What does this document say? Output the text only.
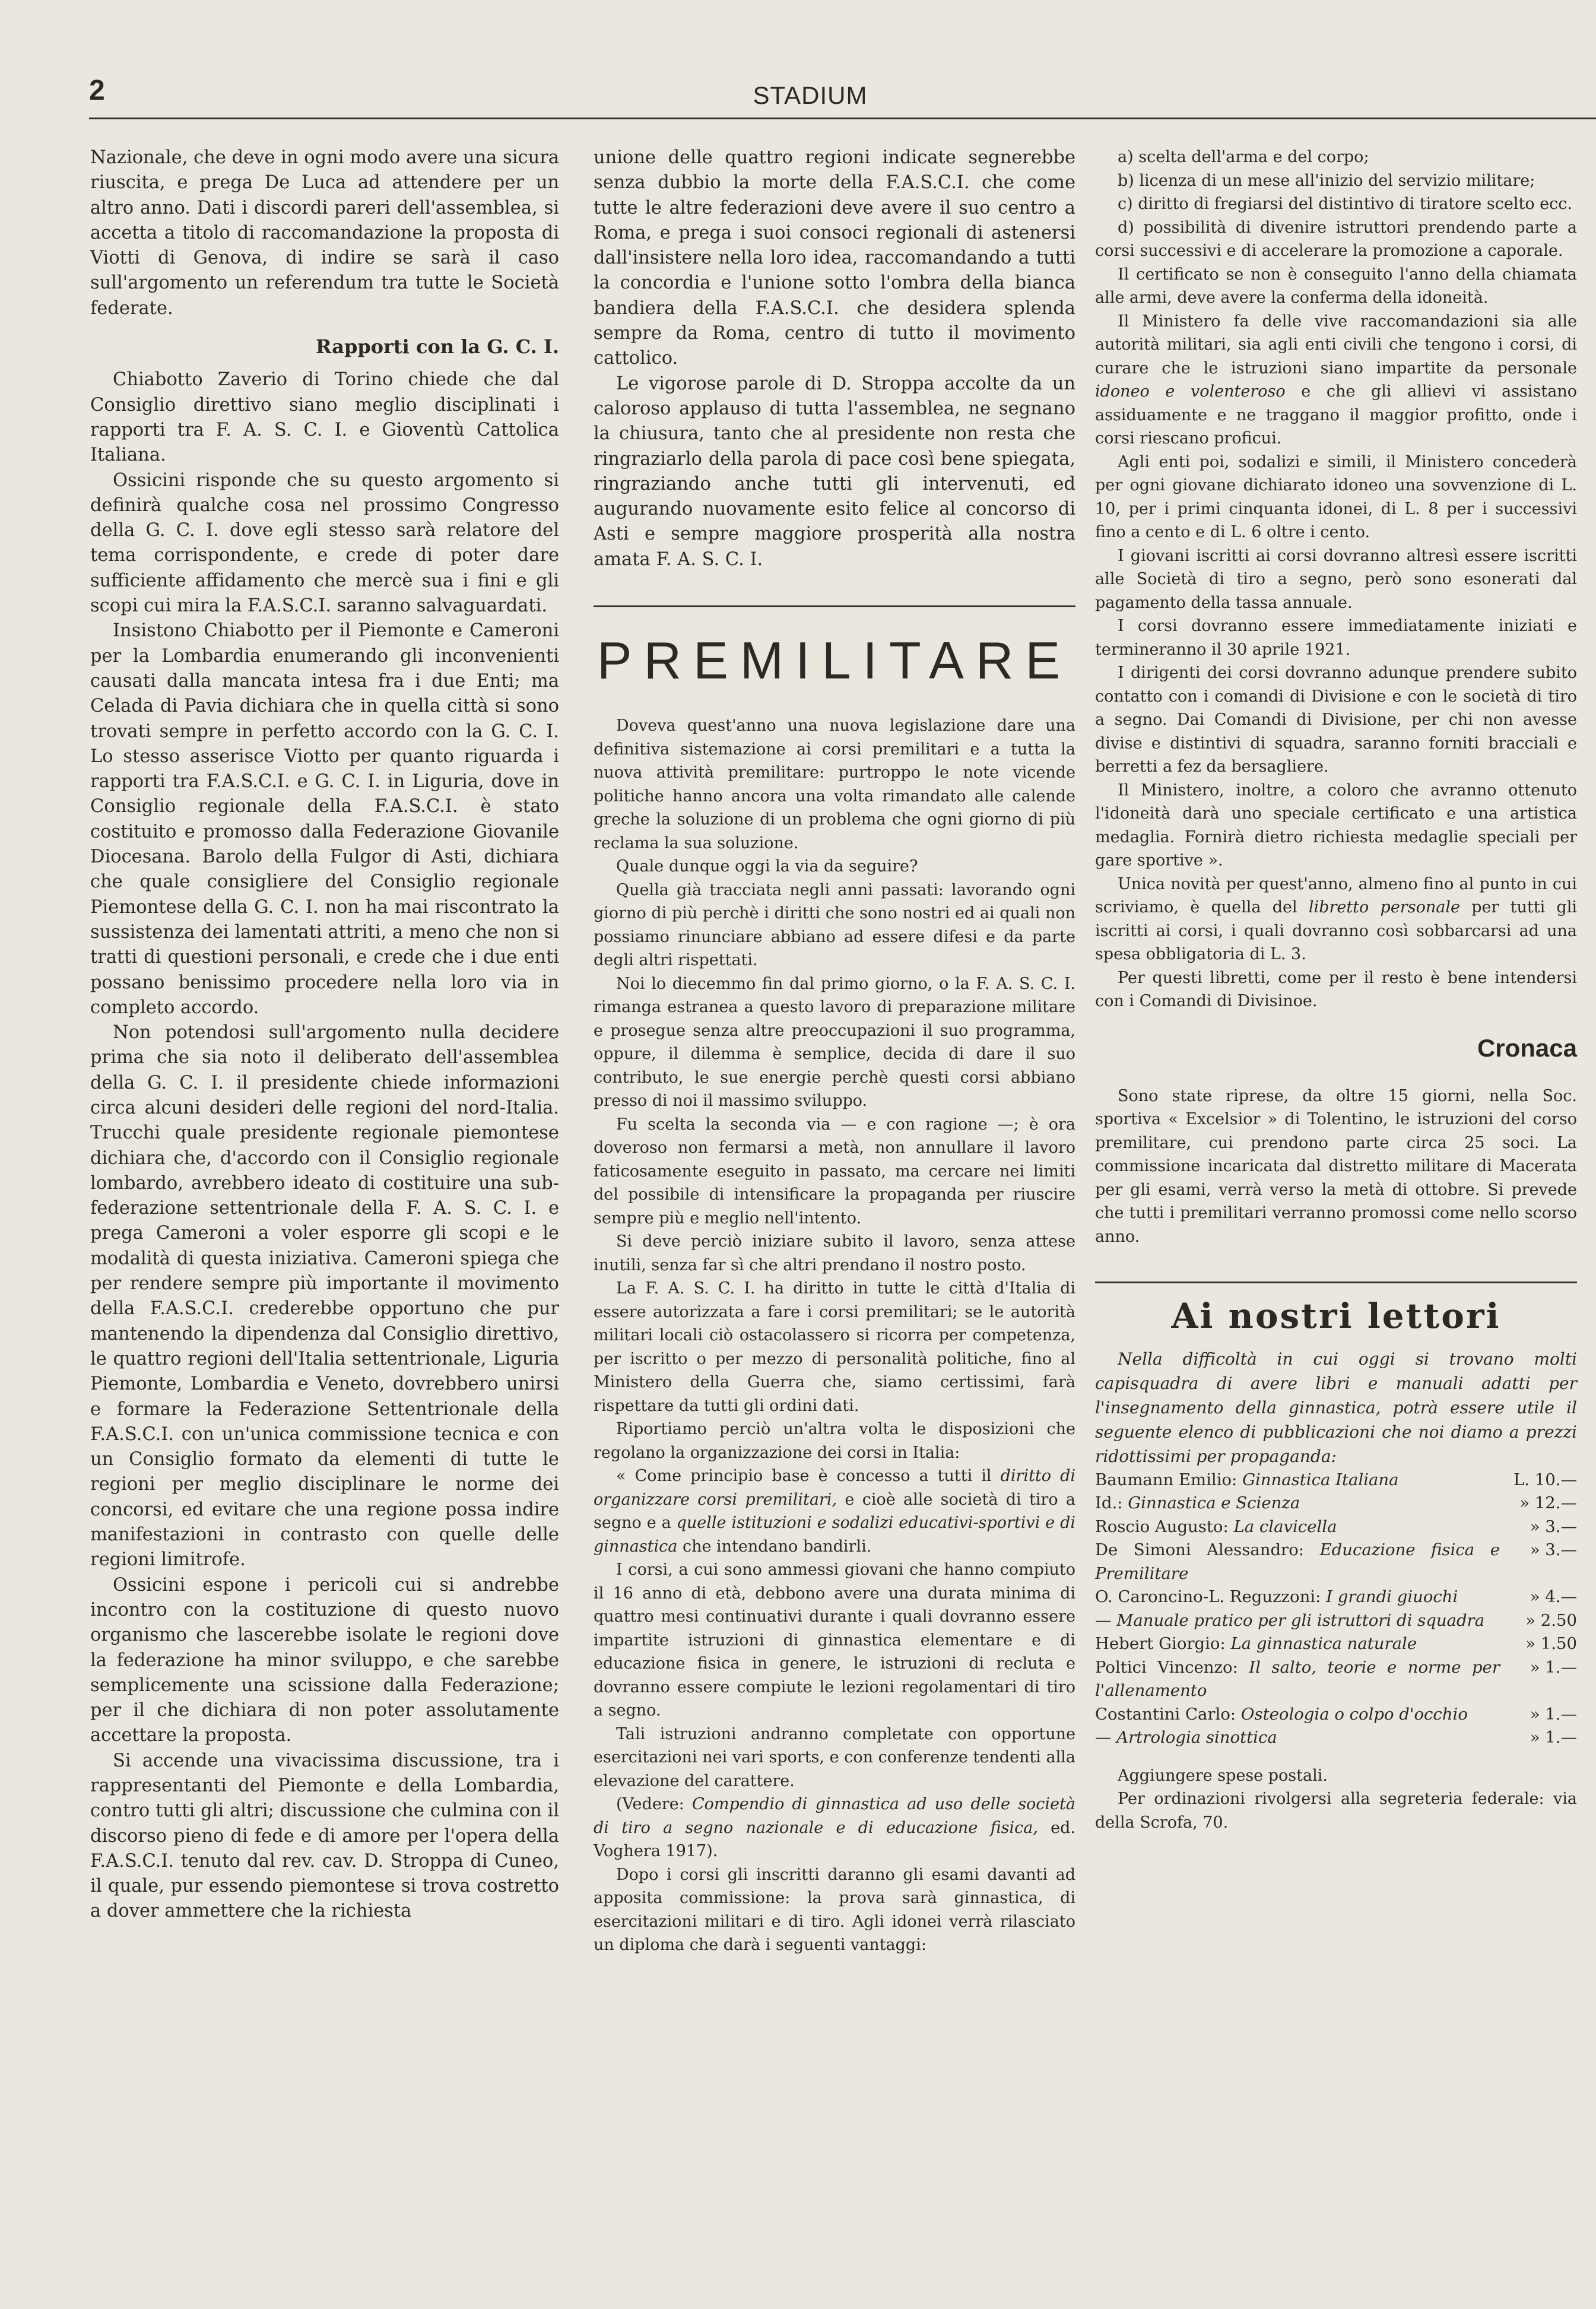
2	STADIUM

Nazionale, che deve in ogni modo avere una sicura riuscita, e prega De Luca ad attendere per un altro anno. Dati i discordi pareri dell'assemblea, si accetta a titolo di raccomandazione la proposta di Viotti di Genova, di indire se sarà il caso sull'argomento un referendum tra tutte le Società federate.

Rapporti con la G. C. I.

Chiabotto Zaverio di Torino chiede che dal Consiglio direttivo siano meglio disciplinati i rapporti tra F. A. S. C. I. e Gioventù Cattolica Italiana.

Ossicini risponde che su questo argomento si definirà qualche cosa nel prossimo Congresso della G. C. I. dove egli stesso sarà relatore del tema corrispondente, e crede di poter dare sufficiente affidamento che mercè sua i fini e gli scopi cui mira la F.A.S.C.I. saranno salvaguardati.

Insistono Chiabotto per il Piemonte e Cameroni per la Lombardia enumerando gli inconvenienti causati dalla mancata intesa fra i due Enti; ma Celada di Pavia dichiara che in quella città si sono trovati sempre in perfetto accordo con la G. C. I. Lo stesso asserisce Viotto per quanto riguarda i rapporti tra F.A.S.C.I. e G. C. I. in Liguria, dove in Consiglio regionale della F.A.S.C.I. è stato costituito e promosso dalla Federazione Giovanile Diocesana. Barolo della Fulgor di Asti, dichiara che quale consigliere del Consiglio regionale Piemontese della G. C. I. non ha mai riscontrato la sussistenza dei lamentati attriti, a meno che non si tratti di questioni personali, e crede che i due enti possano benissimo procedere nella loro via in completo accordo.

Non potendosi sull'argomento nulla decidere prima che sia noto il deliberato dell'assemblea della G. C. I. il presidente chiede informazioni circa alcuni desideri delle regioni del nord-Italia. Trucchi quale presidente regionale piemontese dichiara che, d'accordo con il Consiglio regionale lombardo, avrebbero ideato di costituire una sub-federazione settentrionale della F. A. S. C. I. e prega Cameroni a voler esporre gli scopi e le modalità di questa iniziativa. Cameroni spiega che per rendere sempre più importante il movimento della F.A.S.C.I. crederebbe opportuno che pur mantenendo la dipendenza dal Consiglio direttivo, le quattro regioni dell'Italia settentrionale, Liguria Piemonte, Lombardia e Veneto, dovrebbero unirsi e formare la Federazione Settentrionale della F.A.S.C.I. con un'unica commissione tecnica e con un Consiglio formato da elementi di tutte le regioni per meglio disciplinare le norme dei concorsi, ed evitare che una regione possa indire manifestazioni in contrasto con quelle delle regioni limitrofe.

Ossicini espone i pericoli cui si andrebbe incontro con la costituzione di questo nuovo organismo che lascerebbe isolate le regioni dove la federazione ha minor sviluppo, e che sarebbe semplicemente una scissione dalla Federazione; per il che dichiara di non poter assolutamente accettare la proposta.

Si accende una vivacissima discussione, tra i rappresentanti del Piemonte e della Lombardia, contro tutti gli altri; discussione che culmina con il discorso pieno di fede e di amore per l'opera della F.A.S.C.I. tenuto dal rev. cav. D. Stroppa di Cuneo, il quale, pur essendo piemontese si trova costretto a dover ammettere che la richiesta

unione delle quattro regioni indicate segnerebbe senza dubbio la morte della F.A.S.C.I. che come tutte le altre federazioni deve avere il suo centro a Roma, e prega i suoi consoci regionali di astenersi dall'insistere nella loro idea, raccomandando a tutti la concordia e l'unione sotto l'ombra della bianca bandiera della F.A.S.C.I. che desidera splenda sempre da Roma, centro di tutto il movimento cattolico.

Le vigorose parole di D. Stroppa accolte da un caloroso applauso di tutta l'assemblea, ne segnano la chiusura, tanto che al presidente non resta che ringraziarlo della parola di pace così bene spiegata, ringraziando anche tutti gli intervenuti, ed augurando nuovamente esito felice al concorso di Asti e sempre maggiore prosperità alla nostra amata F. A. S. C. I.

PREMILITARE

Doveva quest'anno una nuova legislazione dare una definitiva sistemazione ai corsi premilitari e a tutta la nuova attività premilitare: purtroppo le note vicende politiche hanno ancora una volta rimandato alle calende greche la soluzione di un problema che ogni giorno di più reclama la sua soluzione.

Quale dunque oggi la via da seguire?

Quella già tracciata negli anni passati: lavorando ogni giorno di più perchè i diritti che sono nostri ed ai quali non possiamo rinunciare abbiano ad essere difesi e da parte degli altri rispettati.

Noi lo diecemmo fin dal primo giorno, o la F. A. S. C. I. rimanga estranea a questo lavoro di preparazione militare e prosegue senza altre preoccupazioni il suo programma, oppure, il dilemma è semplice, decida di dare il suo contributo, le sue energie perchè questi corsi abbiano presso di noi il massimo sviluppo.

Fu scelta la seconda via — e con ragione —; è ora doveroso non fermarsi a metà, non annullare il lavoro faticosamente eseguito in passato, ma cercare nei limiti del possibile di intensificare la propaganda per riuscire sempre più e meglio nell'intento.

Si deve perciò iniziare subito il lavoro, senza attese inutili, senza far sì che altri prendano il nostro posto.

La F. A. S. C. I. ha diritto in tutte le città d'Italia di essere autorizzata a fare i corsi premilitari; se le autorità militari locali ciò ostacolassero si ricorra per competenza, per iscritto o per mezzo di personalità politiche, fino al Ministero della Guerra che, siamo certissimi, farà rispettare da tutti gli ordini dati.

Riportiamo perciò un'altra volta le disposizioni che regolano la organizzazione dei corsi in Italia:

« Come principio base è concesso a tutti il diritto di organizzare corsi premilitari, e cioè alle società di tiro a segno e a quelle istituzioni e sodalizi educativi-sportivi e di ginnastica che intendano bandirli.

I corsi, a cui sono ammessi giovani che hanno compiuto il 16 anno di età, debbono avere una durata minima di quattro mesi continuativi durante i quali dovranno essere impartite istruzioni di ginnastica elementare e di educazione fisica in genere, le istruzioni di recluta e dovranno essere compiute le lezioni regolamentari di tiro a segno.

Tali istruzioni andranno completate con opportune esercitazioni nei vari sports, e con conferenze tendenti alla elevazione del carattere.

(Vedere: Compendio di ginnastica ad uso delle società di tiro a segno nazionale e di educazione fisica, ed. Voghera 1917).

Dopo i corsi gli inscritti daranno gli esami davanti ad apposita commissione: la prova sarà ginnastica, di esercitazioni militari e di tiro. Agli idonei verrà rilasciato un diploma che darà i seguenti vantaggi:

a) scelta dell'arma e del corpo;

b) licenza di un mese all'inizio del servizio militare;

c) diritto di fregiarsi del distintivo di tiratore scelto ecc.

d) possibilità di divenire istruttori prendendo parte a corsi successivi e di accelerare la promozione a caporale.

Il certificato se non è conseguito l'anno della chiamata alle armi, deve avere la conferma della idoneità.

Il Ministero fa delle vive raccomandazioni sia alle autorità militari, sia agli enti civili che tengono i corsi, di curare che le istruzioni siano impartite da personale idoneo e volenteroso e che gli allievi vi assistano assiduamente e ne traggano il maggior profitto, onde i corsi riescano proficui.

Agli enti poi, sodalizi e simili, il Ministero concederà per ogni giovane dichiarato idoneo una sovvenzione di L. 10, per i primi cinquanta idonei, di L. 8 per i successivi fino a cento e di L. 6 oltre i cento.

I giovani iscritti ai corsi dovranno altresì essere iscritti alle Società di tiro a segno, però sono esonerati dal pagamento della tassa annuale.

I corsi dovranno essere immediatamente iniziati e termineranno il 30 aprile 1921.

I dirigenti dei corsi dovranno adunque prendere subito contatto con i comandi di Divisione e con le società di tiro a segno. Dai Comandi di Divisione, per chi non avesse divise e distintivi di squadra, saranno forniti bracciali e berretti a fez da bersagliere.

Il Ministero, inoltre, a coloro che avranno ottenuto l'idoneità darà uno speciale certificato e una artistica medaglia. Fornirà dietro richiesta medaglie speciali per gare sportive ».

Unica novità per quest'anno, almeno fino al punto in cui scriviamo, è quella del libretto personale per tutti gli iscritti ai corsi, i quali dovranno così sobbarcarsi ad una spesa obbligatoria di L. 3.

Per questi libretti, come per il resto è bene intendersi con i Comandi di Divisinoe.

Cronaca

Sono state riprese, da oltre 15 giorni, nella Soc. sportiva « Excelsior » di Tolentino, le istruzioni del corso premilitare, cui prendono parte circa 25 soci. La commissione incaricata dal distretto militare di Macerata per gli esami, verrà verso la metà di ottobre. Si prevede che tutti i premilitari verranno promossi come nello scorso anno.

Ai nostri lettori

Nella difficoltà in cui oggi si trovano molti capisquadra di avere libri e manuali adatti per l'insegnamento della ginnastica, potrà essere utile il seguente elenco di pubblicazioni che noi diamo a prezzi ridottissimi per propaganda:

Baumann Emilio: Ginnastica Italiana	L. 10.—
Id.: Ginnastica e Scienza	» 12.—
Roscio Augusto: La clavicella	» 3.—
De Simoni Alessandro: Educazione fisica e Premilitare
» 3.—
O. Caroncino-L. Reguzzoni: I grandi giuochi	» 4.—
— Manuale pratico per gli istruttori di squadra	» 2.50
Hebert Giorgio: La ginnastica naturale	» 1.50
Poltici Vincenzo: Il salto, teorie e norme per l'allenamento
» 1.—
Costantini Carlo: Osteologia o colpo d'occhio	» 1.—
— Artrologia sinottica	» 1.—

Aggiungere spese postali.

Per ordinazioni rivolgersi alla segreteria federale: via della Scrofa, 70.
